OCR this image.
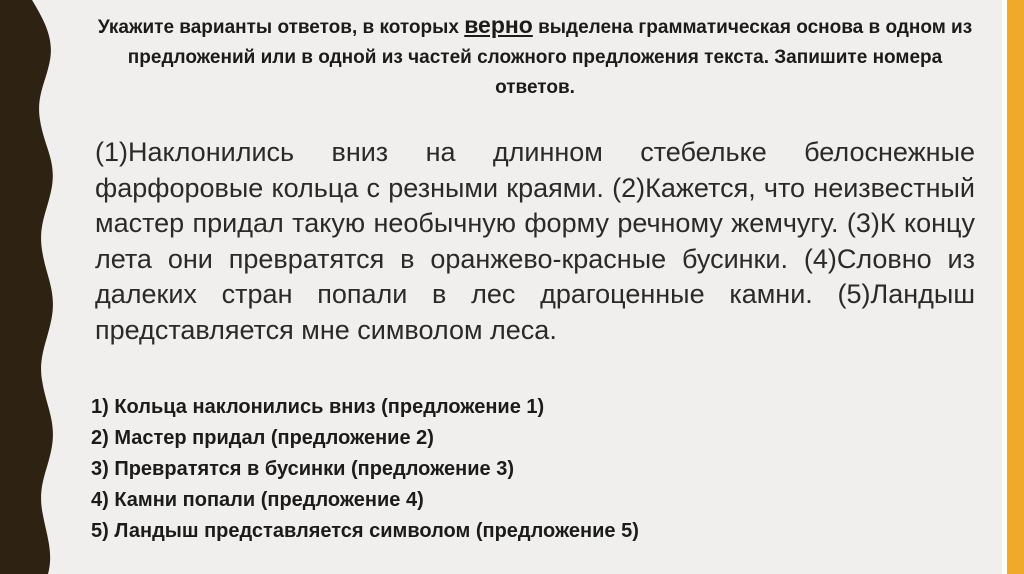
Укажите варианты ответов, в которых верно выделена грамматическая основа в одном из предложений или в одной из частей сложного предложения текста. Запишите номера ответов.
(1)Наклонились вниз на длинном стебельке белоснежные фарфоровые кольца с резными краями. (2)Кажется, что неизвестный мастер придал такую необычную форму речному жемчугу. (3)К концу лета они превратятся в оранжево-красные бусинки. (4)Словно из далеких стран попали в лес драгоценные камни. (5)Ландыш представляется мне символом леса.
1) Кольца наклонились вниз (предложение 1)
2) Мастер придал (предложение 2)
3) Превратятся в бусинки (предложение 3)
4) Камни попали (предложение 4)
5) Ландыш представляется символом (предложение 5)
